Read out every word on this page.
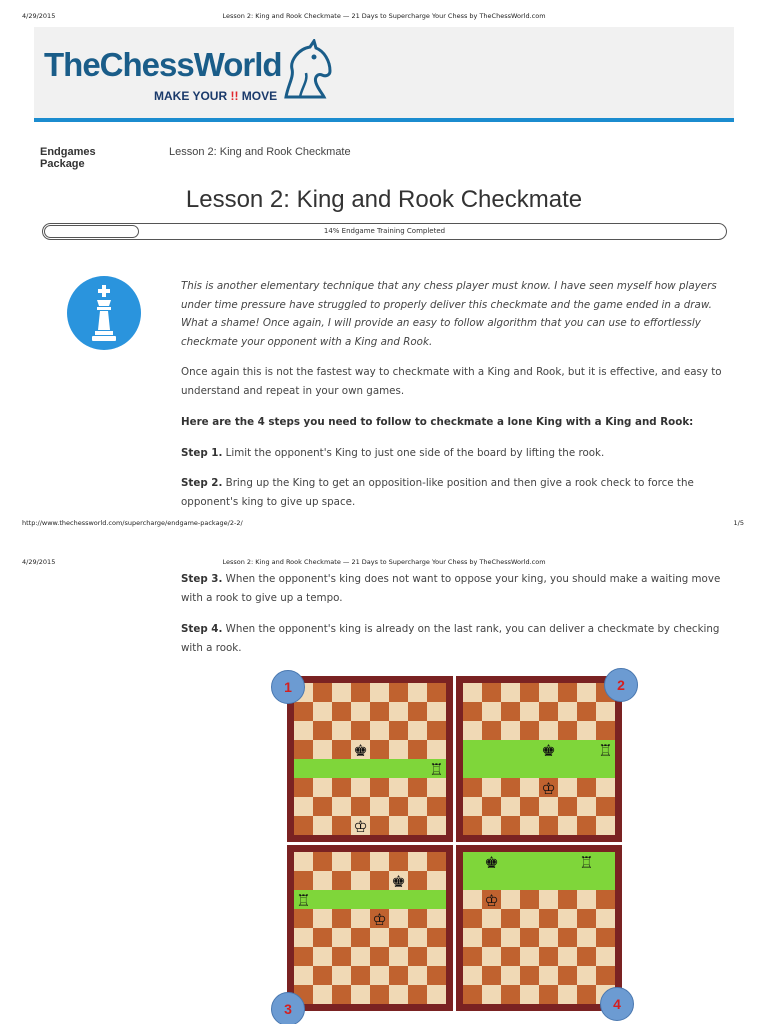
4/29/2015	Lesson 2: King and Rook Checkmate — 21 Days to Supercharge Your Chess by TheChessWorld.com
TheChessWorld
MAKE YOUR !! MOVE
Endgames Package
Lesson 2: King and Rook Checkmate
Lesson 2: King and Rook Checkmate
14% Endgame Training Completed

This is another elementary technique that any chess player must know. I have seen myself how players under time pressure have struggled to properly deliver this checkmate and the game ended in a draw. What a shame! Once again, I will provide an easy to follow algorithm that you can use to effortlessly checkmate your opponent with a King and Rook.

Once again this is not the fastest way to checkmate with a King and Rook, but it is effective, and easy to understand and repeat in your own games.

Here are the 4 steps you need to follow to checkmate a lone King with a King and Rook:

Step 1. Limit the opponent's King to just one side of the board by lifting the rook.

Step 2. Bring up the King to get an opposition-like position and then give a rook check to force the opponent's king to give up space.

http://www.thechessworld.com/supercharge/endgame-package/2-2/	1/5
4/29/2015	Lesson 2: King and Rook Checkmate — 21 Days to Supercharge Your Chess by TheChessWorld.com

Step 3. When the opponent's king does not want to oppose your king, you should make a waiting move with a rook to give up a tempo.

Step 4. When the opponent's king is already on the last rank, you can deliver a checkmate by checking with a rook.

♚
♖
♔
♚	♖
♔
♚
♖
♔
♚	♖
♔
1	2
3	4
